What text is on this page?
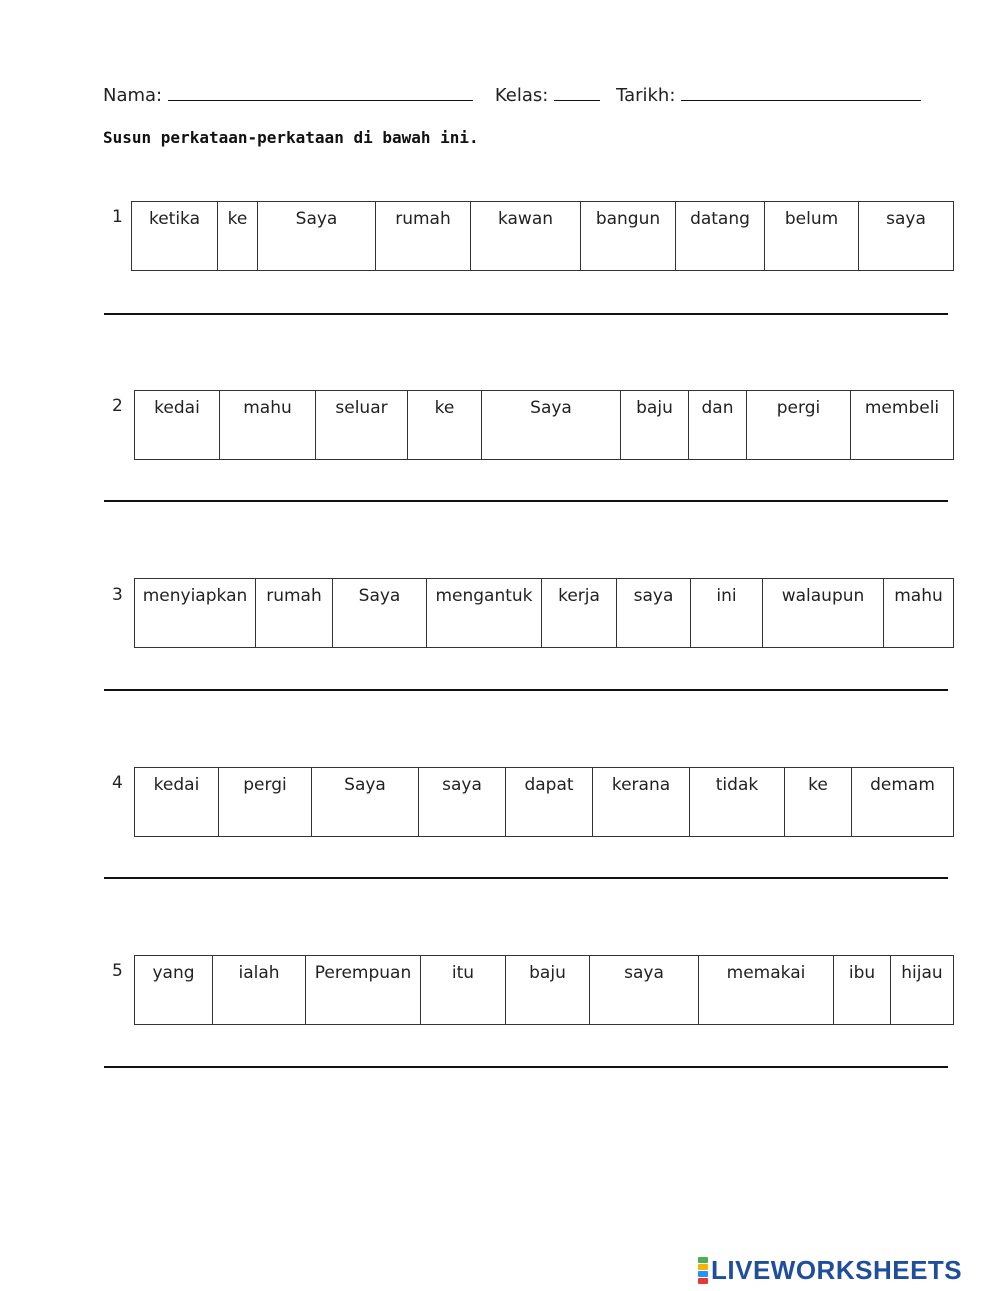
Nama:	Kelas:	Tarikh:
Susun perkataan-perkataan di bawah ini.
1	ketika	ke	Saya	rumah	kawan	bangun	datang	belum	saya
2	kedai	mahu	seluar	ke	Saya	baju	dan	pergi	membeli
3	menyiapkan	rumah	Saya	mengantuk	kerja	saya	ini	walaupun	mahu
4	kedai	pergi	Saya	saya	dapat	kerana	tidak	ke	demam
5	yang	ialah	Perempuan	itu	baju	saya	memakai	ibu	hijau
LIVEWORKSHEETS
